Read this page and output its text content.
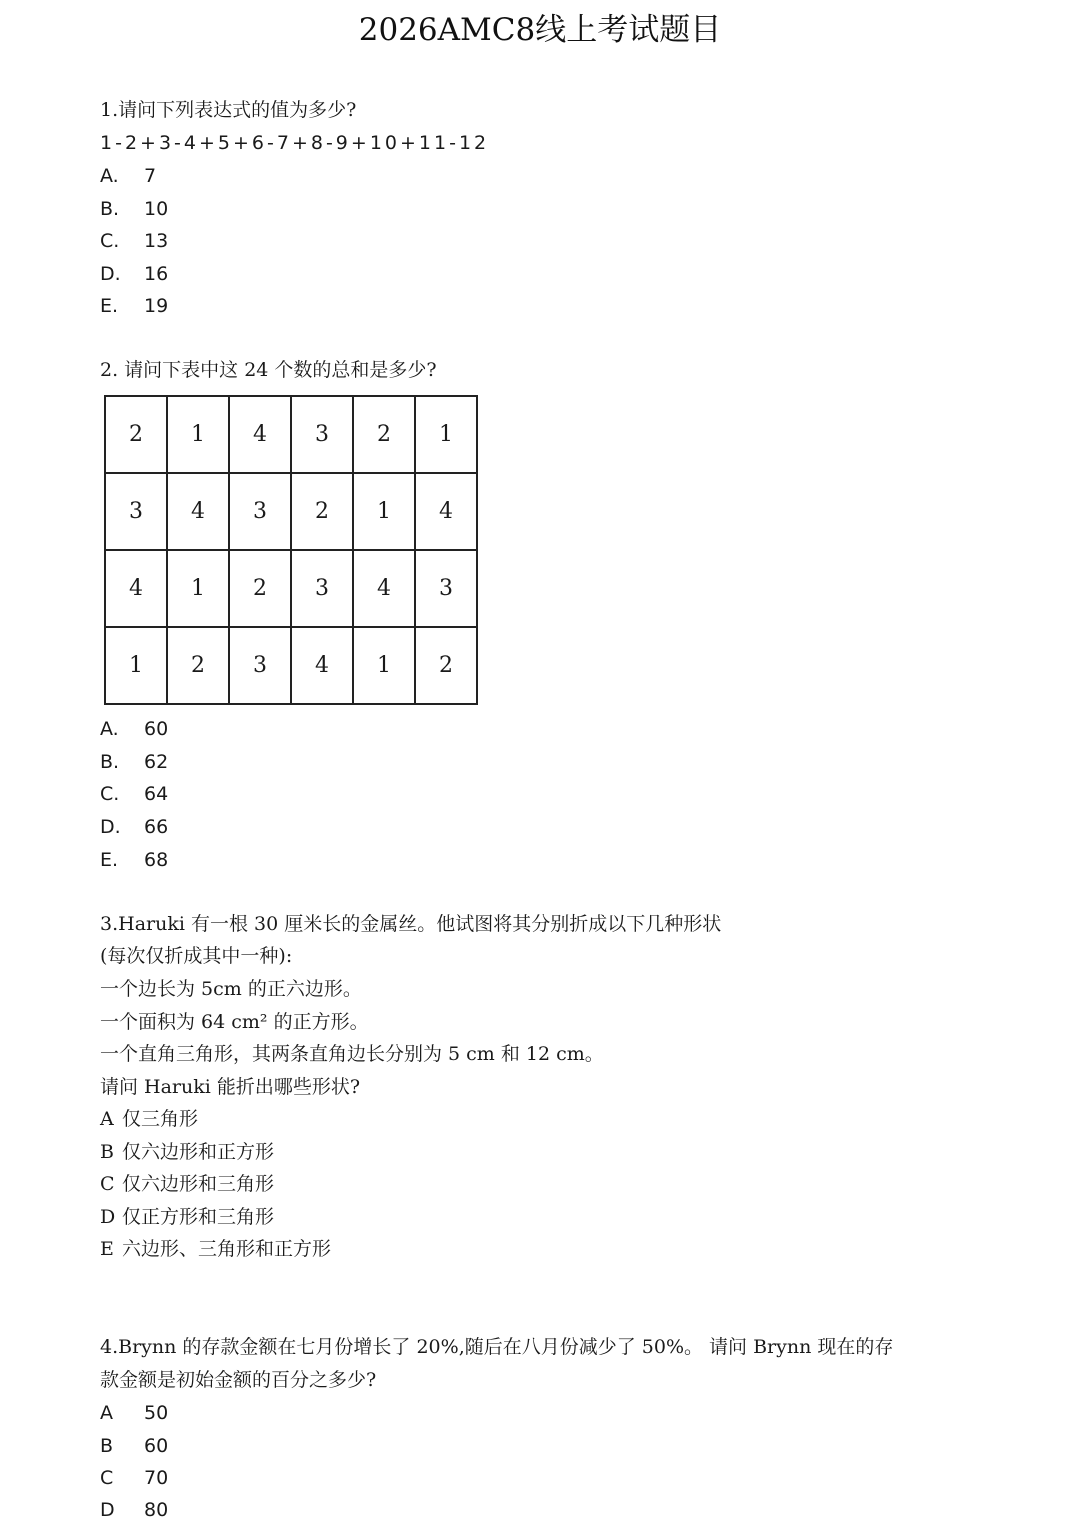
2026AMC8线上考试题目
1.请问下列表达式的值为多少?
1-2+3-4+5+6-7+8-9+10+11-12
A. 7
B. 10
C. 13
D. 16
E. 19
2. 请问下表中这 24 个数的总和是多少?
2	1	4	3	2	1
3	4	3	2	1	4
4	1	2	3	4	3
1	2	3	4	1	2
A. 60
B. 62
C. 64
D. 66
E. 68
3.Haruki 有一根 30 厘米长的金属丝。他试图将其分别折成以下几种形状
(每次仅折成其中一种):
一个边长为 5cm 的正六边形。
一个面积为 64 cm² 的正方形。
一个直角三角形，其两条直角边长分别为 5 cm 和 12 cm。
请问 Haruki 能折出哪些形状?
A 仅三角形
B 仅六边形和正方形
C 仅六边形和三角形
D 仅正方形和三角形
E 六边形、三角形和正方形
4.Brynn 的存款金额在七月份增长了 20%,随后在八月份减少了 50%。 请问 Brynn 现在的存
款金额是初始金额的百分之多少?
A 50
B 60
C 70
D 80
